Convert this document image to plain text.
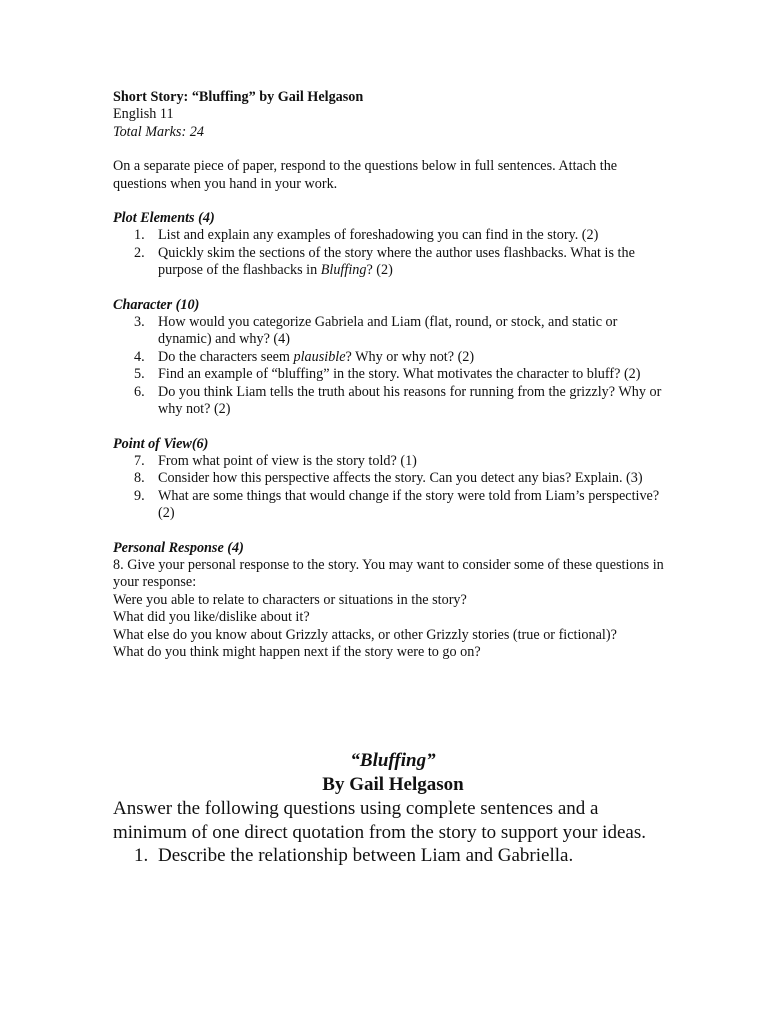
Short Story: “Bluffing” by Gail Helgason
English 11
Total Marks: 24
On a separate piece of paper, respond to the questions below in full sentences. Attach the questions when you hand in your work.
Plot Elements (4)
1. List and explain any examples of foreshadowing you can find in the story. (2)
2. Quickly skim the sections of the story where the author uses flashbacks. What is the purpose of the flashbacks in Bluffing? (2)
Character (10)
3. How would you categorize Gabriela and Liam (flat, round, or stock, and static or dynamic) and why? (4)
4. Do the characters seem plausible? Why or why not? (2)
5. Find an example of “bluffing” in the story. What motivates the character to bluff? (2)
6. Do you think Liam tells the truth about his reasons for running from the grizzly? Why or why not? (2)
Point of View(6)
7. From what point of view is the story told? (1)
8. Consider how this perspective affects the story. Can you detect any bias? Explain. (3)
9. What are some things that would change if the story were told from Liam’s perspective? (2)
Personal Response (4)
8. Give your personal response to the story. You may want to consider some of these questions in your response:
Were you able to relate to characters or situations in the story?
What did you like/dislike about it?
What else do you know about Grizzly attacks, or other Grizzly stories (true or fictional)?
What do you think might happen next if the story were to go on?
“Bluffing”
By Gail Helgason
Answer the following questions using complete sentences and a minimum of one direct quotation from the story to support your ideas.
1. Describe the relationship between Liam and Gabriella.
